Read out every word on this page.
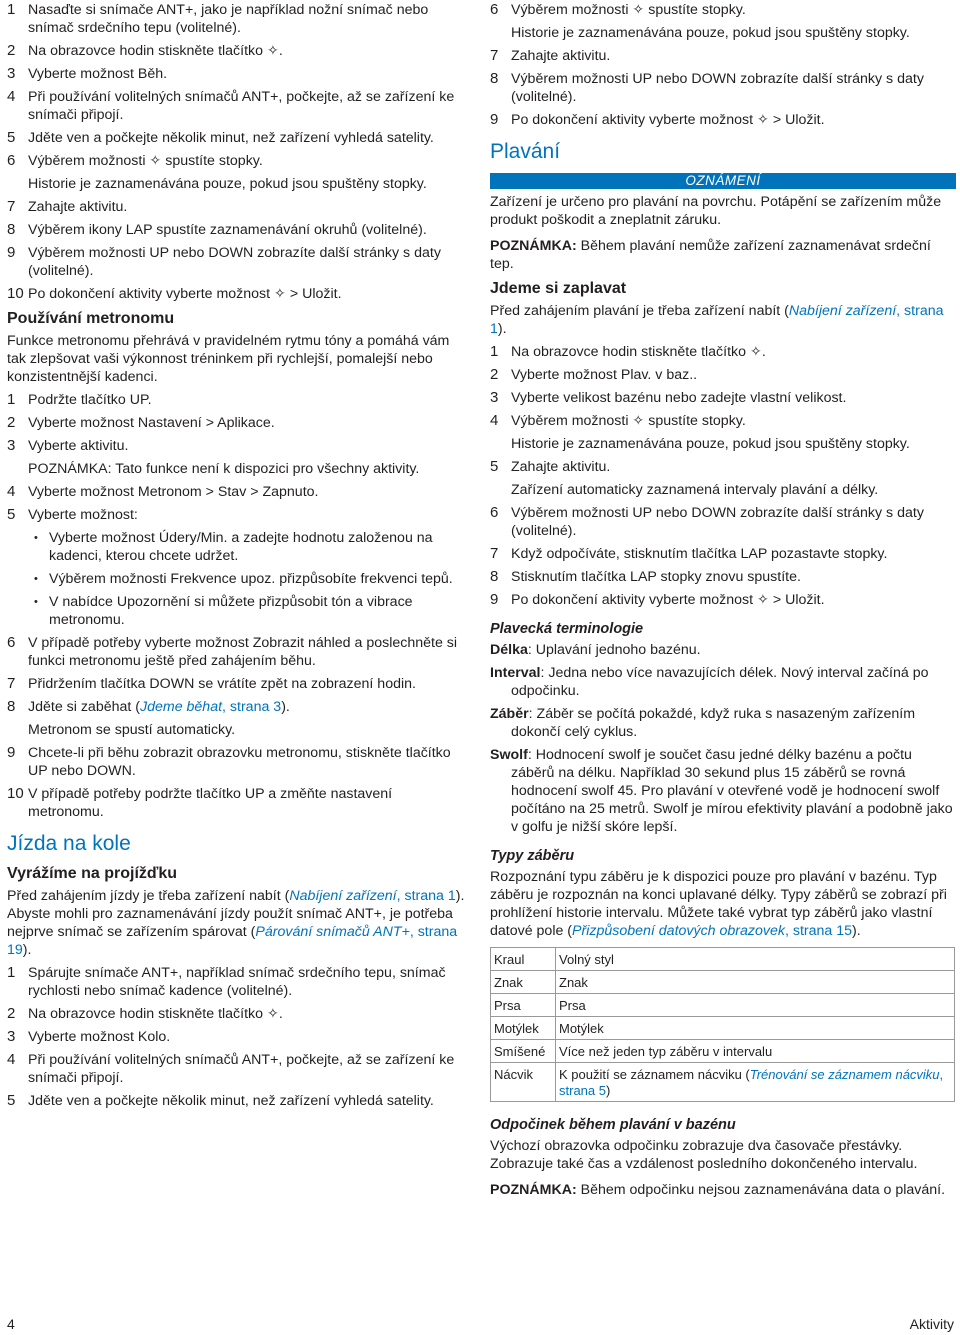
1 Nasaďte si snímače ANT+, jako je například nožní snímač nebo snímač srdečního tepu (volitelné).
2 Na obrazovce hodin stiskněte tlačítko ✧.
3 Vyberte možnost Běh.
4 Při používání volitelných snímačů ANT+, počkejte, až se zařízení ke snímači připojí.
5 Jděte ven a počkejte několik minut, než zařízení vyhledá satelity.
6 Výběrem možnosti ✧ spustíte stopky.
Historie je zaznamenávána pouze, pokud jsou spuštěny stopky.
7 Zahajte aktivitu.
8 Výběrem ikony LAP spustíte zaznamenávání okruhů (volitelné).
9 Výběrem možnosti UP nebo DOWN zobrazíte další stránky s daty (volitelné).
10 Po dokončení aktivity vyberte možnost ✧ > Uložit.
Používání metronomu

Funkce metronomu přehrává v pravidelném rytmu tóny a pomáhá vám tak zlepšovat vaši výkonnost tréninkem při rychlejší, pomalejší nebo konzistentnější kadenci.

1 Podržte tlačítko UP.
2 Vyberte možnost Nastavení > Aplikace.
3 Vyberte aktivitu.
POZNÁMKA: Tato funkce není k dispozici pro všechny aktivity.
4 Vyberte možnost Metronom > Stav > Zapnuto.
5 Vyberte možnost:
• Vyberte možnost Údery/Min. a zadejte hodnotu založenou na kadenci, kterou chcete udržet.
• Výběrem možnosti Frekvence upoz. přizpůsobíte frekvenci tepů.
• V nabídce Upozornění si můžete přizpůsobit tón a vibrace metronomu.
6 V případě potřeby vyberte možnost Zobrazit náhled a poslechněte si funkci metronomu ještě před zahájením běhu.
7 Přidržením tlačítka DOWN se vrátíte zpět na zobrazení hodin.
8 Jděte si zaběhat (Jdeme běhat, strana 3).
Metronom se spustí automaticky.
9 Chcete-li při běhu zobrazit obrazovku metronomu, stiskněte tlačítko UP nebo DOWN.
10 V případě potřeby podržte tlačítko UP a změňte nastavení metronomu.
Jízda na kole
Vyrážíme na projížďku

Před zahájením jízdy je třeba zařízení nabít (Nabíjení zařízení, strana 1). Abyste mohli pro zaznamenávání jízdy použít snímač ANT+, je potřeba nejprve snímač se zařízením spárovat (Párování snímačů ANT+, strana 19).

1 Spárujte snímače ANT+, například snímač srdečního tepu, snímač rychlosti nebo snímač kadence (volitelné).
2 Na obrazovce hodin stiskněte tlačítko ✧.
3 Vyberte možnost Kolo.
4 Při používání volitelných snímačů ANT+, počkejte, až se zařízení ke snímači připojí.
5 Jděte ven a počkejte několik minut, než zařízení vyhledá satelity.
6 Výběrem možnosti ✧ spustíte stopky.
Historie je zaznamenávána pouze, pokud jsou spuštěny stopky.
7 Zahajte aktivitu.
8 Výběrem možnosti UP nebo DOWN zobrazíte další stránky s daty (volitelné).
9 Po dokončení aktivity vyberte možnost ✧ > Uložit.
Plavání
OZNÁMENÍ

Zařízení je určeno pro plavání na povrchu. Potápění se zařízením může produkt poškodit a zneplatnit záruku.

POZNÁMKA: Během plavání nemůže zařízení zaznamenávat srdeční tep.

Jdeme si zaplavat

Před zahájením plavání je třeba zařízení nabít (Nabíjení zařízení, strana 1).

1 Na obrazovce hodin stiskněte tlačítko ✧.
2 Vyberte možnost Plav. v baz..
3 Vyberte velikost bazénu nebo zadejte vlastní velikost.
4 Výběrem možnosti ✧ spustíte stopky.
Historie je zaznamenávána pouze, pokud jsou spuštěny stopky.
5 Zahajte aktivitu.
Zařízení automaticky zaznamená intervaly plavání a délky.
6 Výběrem možnosti UP nebo DOWN zobrazíte další stránky s daty (volitelné).
7 Když odpočíváte, stisknutím tlačítka LAP pozastavte stopky.
8 Stisknutím tlačítka LAP stopky znovu spustíte.
9 Po dokončení aktivity vyberte možnost ✧ > Uložit.
Plavecká terminologie
Délka: Uplavání jednoho bazénu.
Interval: Jedna nebo více navazujících délek. Nový interval začíná po odpočinku.
Záběr: Záběr se počítá pokaždé, když ruka s nasazeným zařízením dokončí celý cyklus.
Swolf: Hodnocení swolf je součet času jedné délky bazénu a počtu záběrů na délku. Například 30 sekund plus 15 záběrů se rovná hodnocení swolf 45. Pro plavání v otevřené vodě je hodnocení swolf počítáno na 25 metrů. Swolf je mírou efektivity plavání a podobně jako v golfu je nižší skóre lepší.
Typy záběru

Rozpoznání typu záběru je k dispozici pouze pro plavání v bazénu. Typ záběru je rozpoznán na konci uplavané délky. Typy záběrů se zobrazí při prohlížení historie intervalu. Můžete také vybrat typ záběrů jako vlastní datové pole (Přizpůsobení datových obrazovek, strana 15).

Kraul	Volný styl
Znak	Znak
Prsa	Prsa
Motýlek	Motýlek
Smíšené	Více než jeden typ záběru v intervalu
Nácvik	K použití se záznamem nácviku (Trénování se záznamem nácviku, strana 5)
Odpočinek během plavání v bazénu

Výchozí obrazovka odpočinku zobrazuje dva časovače přestávky. Zobrazuje také čas a vzdálenost posledního dokončeného intervalu.

POZNÁMKA: Během odpočinku nejsou zaznamenávána data o plavání.

4	Aktivity
